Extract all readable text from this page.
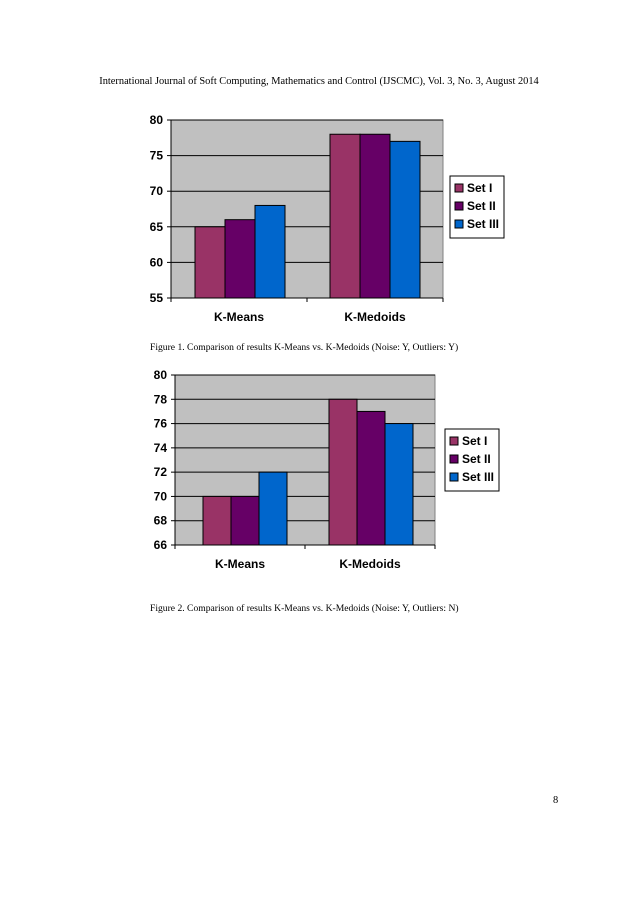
International Journal of Soft Computing, Mathematics and Control (IJSCMC), Vol. 3, No. 3, August 2014
55
60
65
70
75
80
K-Means	K-Medoids
Set I
Set II
Set III
Figure 1. Comparison of results K-Means vs. K-Medoids (Noise: Y, Outliers: Y)
66
68
70
72
74
76
78
80
K-Means	K-Medoids
Set I
Set II
Set III
Figure 2. Comparison of results K-Means vs. K-Medoids (Noise: Y, Outliers: N)
8
